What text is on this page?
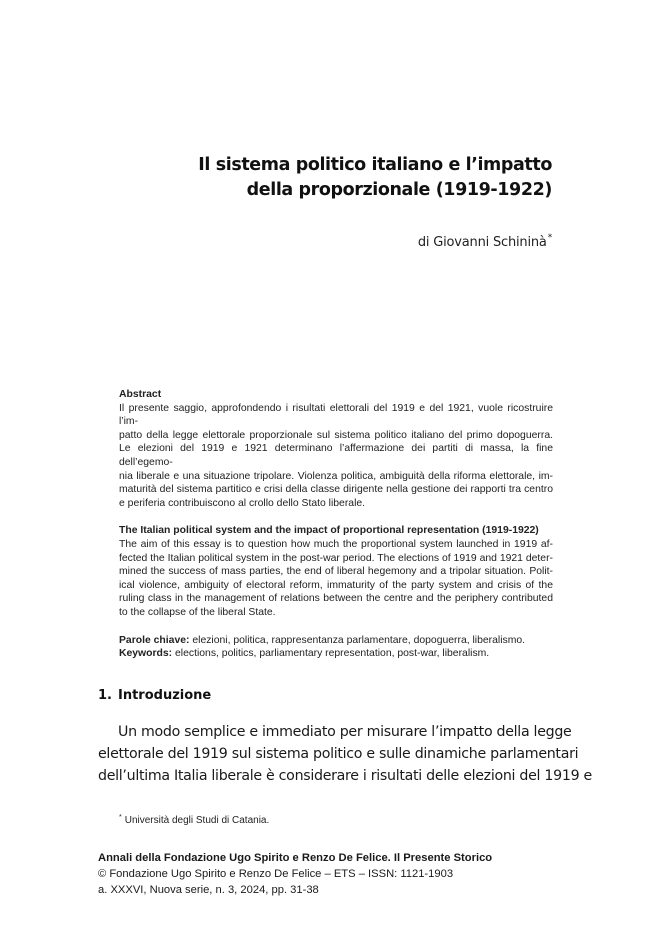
Il sistema politico italiano e l’impatto
della proporzionale (1919-1922)
di Giovanni Schininà*

Abstract

Il presente saggio, approfondendo i risultati elettorali del 1919 e del 1921, vuole ricostruire l’im-
patto della legge elettorale proporzionale sul sistema politico italiano del primo dopoguerra.
Le elezioni del 1919 e 1921 determinano l’affermazione dei partiti di massa, la fine dell’egemo-
nia liberale e una situazione tripolare. Violenza politica, ambiguità della riforma elettorale, im-
maturità del sistema partitico e crisi della classe dirigente nella gestione dei rapporti tra centro
e periferia contribuiscono al crollo dello Stato liberale.

The Italian political system and the impact of proportional representation (1919-1922)

The aim of this essay is to question how much the proportional system launched in 1919 af-
fected the Italian political system in the post-war period. The elections of 1919 and 1921 deter-
mined the success of mass parties, the end of liberal hegemony and a tripolar situation. Polit-
ical violence, ambiguity of electoral reform, immaturity of the party system and crisis of the
ruling class in the management of relations between the centre and the periphery contributed
to the collapse of the liberal State.
Parole chiave: elezioni, politica, rappresentanza parlamentare, dopoguerra, liberalismo.
Keywords: elections, politics, parliamentary representation, post-war, liberalism.
1. Introduzione
Un modo semplice e immediato per misurare l’impatto della legge
elettorale del 1919 sul sistema politico e sulle dinamiche parlamentari
dell’ultima Italia liberale è considerare i risultati delle elezioni del 1919 e
* Università degli Studi di Catania.
Annali della Fondazione Ugo Spirito e Renzo De Felice. Il Presente Storico
© Fondazione Ugo Spirito e Renzo De Felice – ETS – ISSN: 1121-1903
a. XXXVI, Nuova serie, n. 3, 2024, pp. 31-38
